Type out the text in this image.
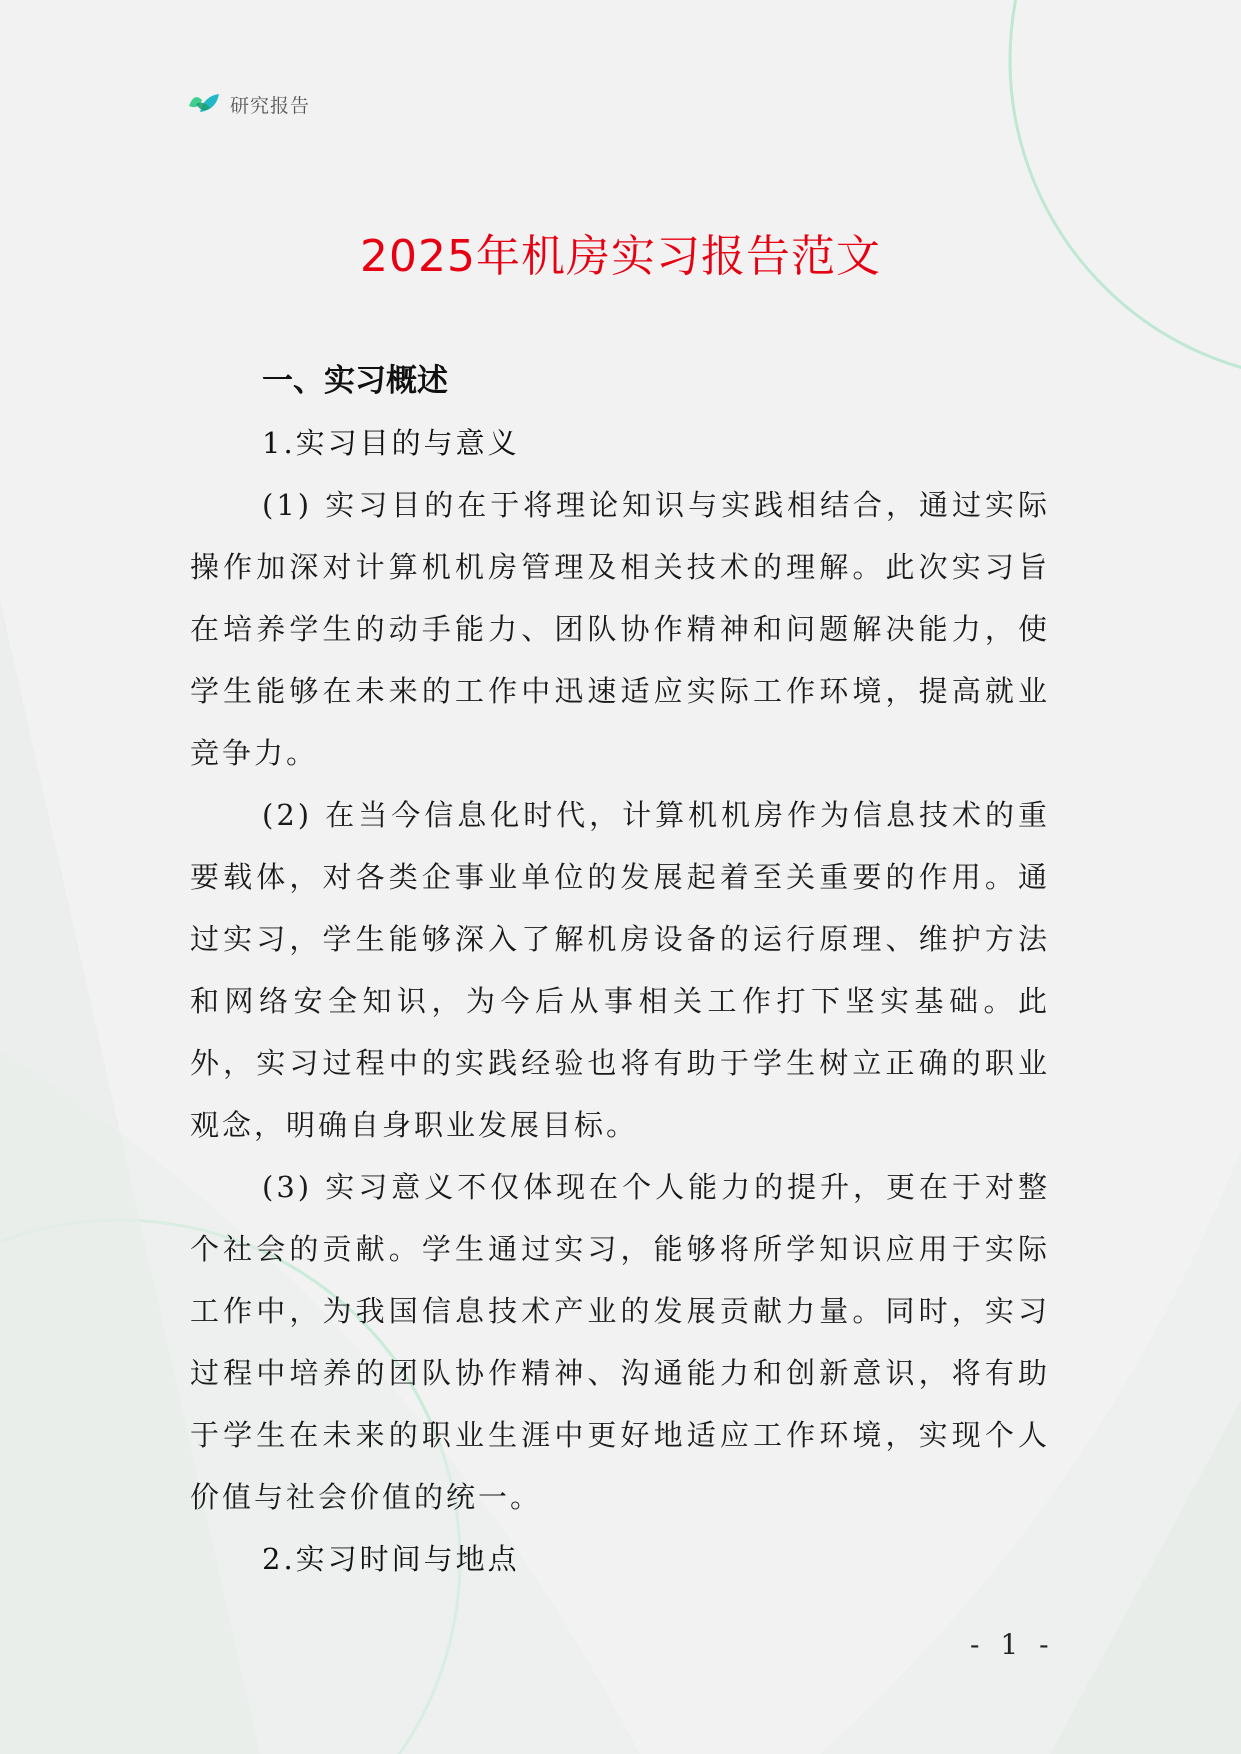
研究报告
2025年机房实习报告范文
一、实习概述
1.实习目的与意义
(1) 实习目的在于将理论知识与实践相结合，通过实际操作加深对计算机机房管理及相关技术的理解。此次实习旨在培养学生的动手能力、团队协作精神和问题解决能力，使学生能够在未来的工作中迅速适应实际工作环境，提高就业竞争力。
(2) 在当今信息化时代，计算机机房作为信息技术的重要载体，对各类企事业单位的发展起着至关重要的作用。通过实习，学生能够深入了解机房设备的运行原理、维护方法和网络安全知识，为今后从事相关工作打下坚实基础。此外，实习过程中的实践经验也将有助于学生树立正确的职业观念，明确自身职业发展目标。
(3) 实习意义不仅体现在个人能力的提升，更在于对整个社会的贡献。学生通过实习，能够将所学知识应用于实际工作中，为我国信息技术产业的发展贡献力量。同时，实习过程中培养的团队协作精神、沟通能力和创新意识，将有助于学生在未来的职业生涯中更好地适应工作环境，实现个人价值与社会价值的统一。
2.实习时间与地点
- 1 -
